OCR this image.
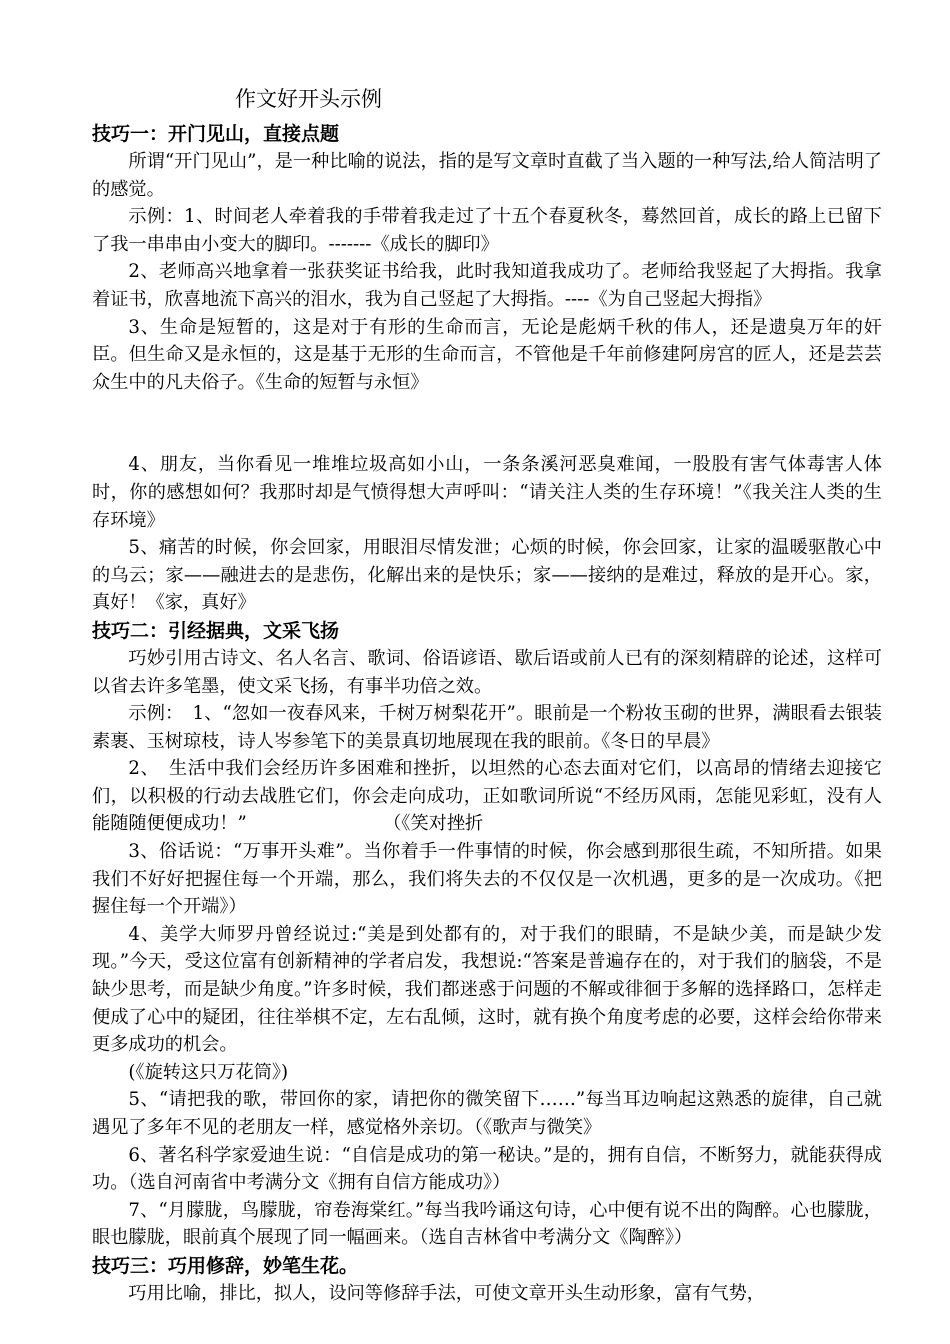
作文好开头示例
技巧一：开门见山，直接点题

所谓“开门见山”，是一种比喻的说法，指的是写文章时直截了当入题的一种写法,给人简洁明了的感觉。

示例：1、时间老人牵着我的手带着我走过了十五个春夏秋冬，蓦然回首，成长的路上已留下了我一串串由小变大的脚印。-------《成长的脚印》

2、老师高兴地拿着一张获奖证书给我，此时我知道我成功了。老师给我竖起了大拇指。我拿着证书，欣喜地流下高兴的泪水，我为自己竖起了大拇指。----《为自己竖起大拇指》

3、生命是短暂的，这是对于有形的生命而言，无论是彪炳千秋的伟人，还是遗臭万年的奸臣。但生命又是永恒的，这是基于无形的生命而言，不管他是千年前修建阿房宫的匠人，还是芸芸众生中的凡夫俗子。《生命的短暂与永恒》

4、朋友，当你看见一堆堆垃圾高如小山，一条条溪河恶臭难闻，一股股有害气体毒害人体时，你的感想如何？我那时却是气愤得想大声呼叫：“请关注人类的生存环境！”《我关注人类的生存环境》

5、痛苦的时候，你会回家，用眼泪尽情发泄；心烦的时候，你会回家，让家的温暖驱散心中的乌云；家——融进去的是悲伤，化解出来的是快乐；家——接纳的是难过，释放的是开心。家，真好！《家，真好》

技巧二：引经据典，文采飞扬

巧妙引用古诗文、名人名言、歌词、俗语谚语、歇后语或前人已有的深刻精辟的论述，这样可以省去许多笔墨，使文采飞扬，有事半功倍之效。

示例：　1、“忽如一夜春风来，千树万树梨花开”。眼前是一个粉妆玉砌的世界，满眼看去银装素裹、玉树琼枝，诗人岑参笔下的美景真切地展现在我的眼前。《冬日的早晨》

2、　生活中我们会经历许多困难和挫折，以坦然的心态去面对它们，以高昂的情绪去迎接它们，以积极的行动去战胜它们，你会走向成功，正如歌词所说“不经历风雨，怎能见彩虹，没有人能随随便便成功！”　　　　　　　　（《笑对挫折

3、俗话说：“万事开头难”。当你着手一件事情的时候，你会感到那很生疏，不知所措。如果我们不好好把握住每一个开端，那么，我们将失去的不仅仅是一次机遇，更多的是一次成功。《把握住每一个开端》）

4、美学大师罗丹曾经说过:“美是到处都有的，对于我们的眼睛，不是缺少美，而是缺少发现。”今天，受这位富有创新精神的学者启发，我想说:“答案是普遍存在的，对于我们的脑袋，不是缺少思考，而是缺少角度。”许多时候，我们都迷惑于问题的不解或徘徊于多解的选择路口，怎样走便成了心中的疑团，往往举棋不定，左右乱倾，这时，就有换个角度考虑的必要，这样会给你带来更多成功的机会。

(《旋转这只万花筒》)

5、“请把我的歌，带回你的家，请把你的微笑留下……”每当耳边响起这熟悉的旋律，自己就遇见了多年不见的老朋友一样，感觉格外亲切。（《歌声与微笑》

6、著名科学家爱迪生说：“自信是成功的第一秘诀。”是的，拥有自信，不断努力，就能获得成功。（选自河南省中考满分文《拥有自信方能成功》）

7、“月朦胧，鸟朦胧，帘卷海棠红。”每当我吟诵这句诗，心中便有说不出的陶醉。心也朦胧，眼也朦胧，眼前真个展现了同一幅画来。（选自吉林省中考满分文《陶醉》）

技巧三：巧用修辞，妙笔生花。

巧用比喻，排比，拟人，设问等修辞手法，可使文章开头生动形象，富有气势，
